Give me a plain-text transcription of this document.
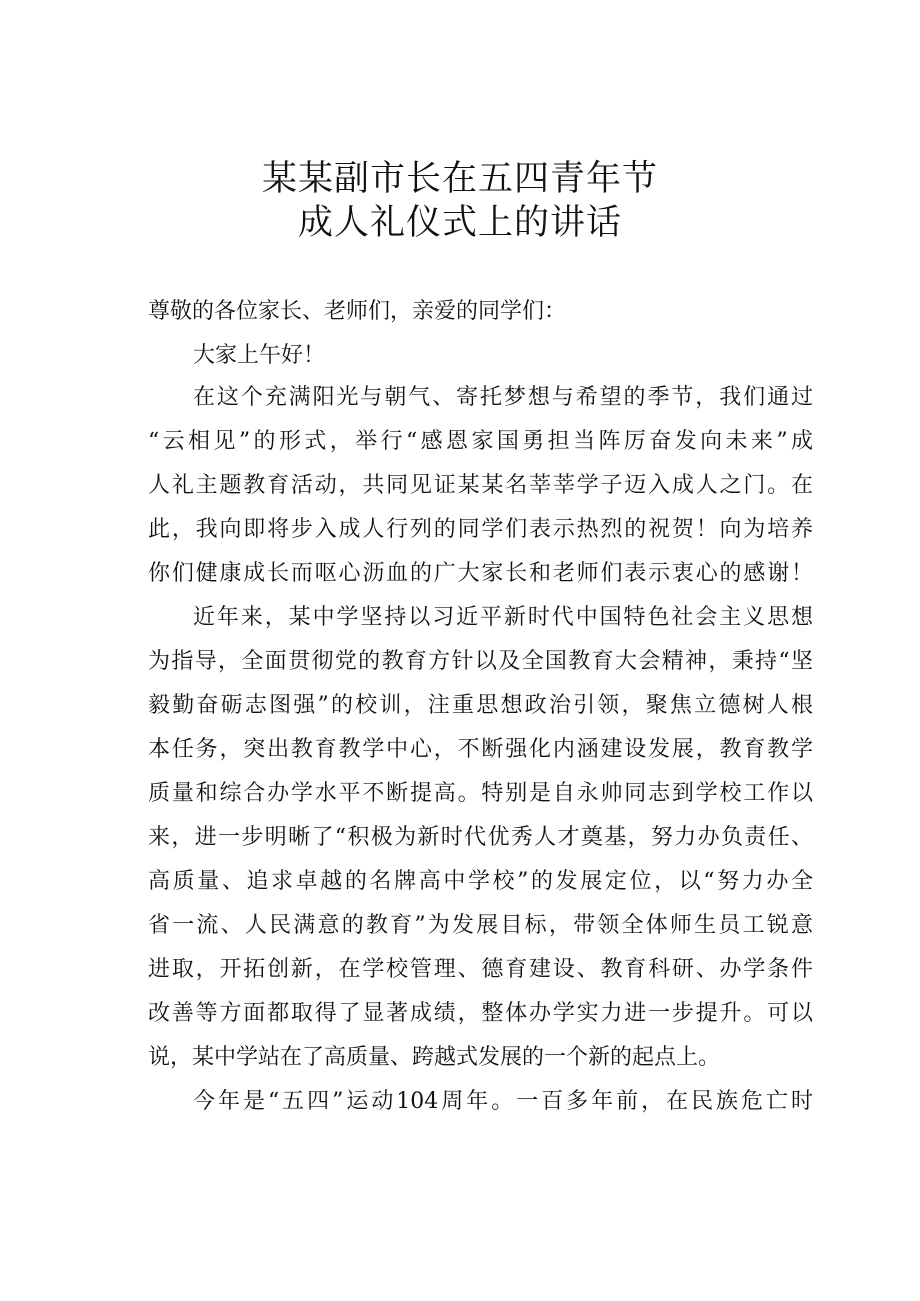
某某副市长在五四青年节
成人礼仪式上的讲话
尊敬的各位家长、老师们，亲爱的同学们：
大家上午好！
在这个充满阳光与朝气、寄托梦想与希望的季节，我们通过
“云相见”的形式，举行“感恩家国勇担当阵厉奋发向未来”成
人礼主题教育活动，共同见证某某名莘莘学子迈入成人之门。在
此，我向即将步入成人行列的同学们表示热烈的祝贺！向为培养
你们健康成长而呕心沥血的广大家长和老师们表示衷心的感谢！
近年来，某中学坚持以习近平新时代中国特色社会主义思想
为指导，全面贯彻党的教育方针以及全国教育大会精神，秉持“坚
毅勤奋砺志图强”的校训，注重思想政治引领，聚焦立德树人根
本任务，突出教育教学中心，不断强化内涵建设发展，教育教学
质量和综合办学水平不断提高。特别是自永帅同志到学校工作以
来，进一步明晰了“积极为新时代优秀人才奠基，努力办负责任、
高质量、追求卓越的名牌高中学校”的发展定位，以“努力办全
省一流、人民满意的教育”为发展目标，带领全体师生员工锐意
进取，开拓创新，在学校管理、德育建设、教育科研、办学条件
改善等方面都取得了显著成绩，整体办学实力进一步提升。可以
说，某中学站在了高质量、跨越式发展的一个新的起点上。
今年是“五四”运动104周年。一百多年前，在民族危亡时
